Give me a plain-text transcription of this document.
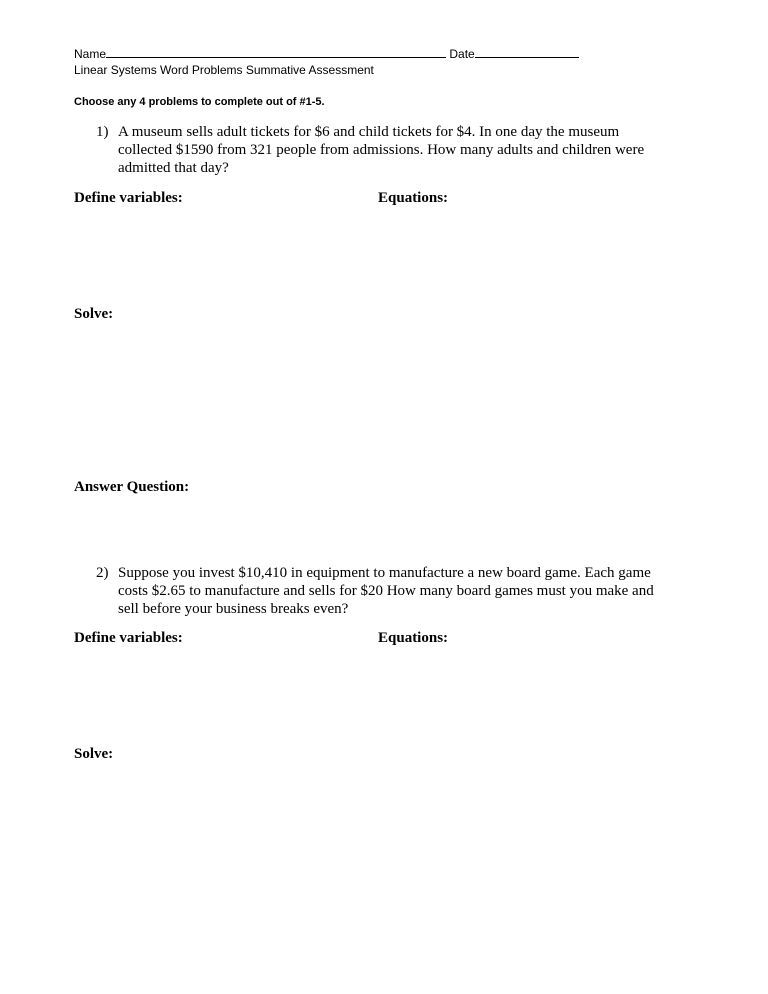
Name	Date
Linear Systems Word Problems Summative Assessment
Choose any 4 problems to complete out of #1-5.
1) A museum sells adult tickets for $6 and child tickets for $4. In one day the museum collected $1590 from 321 people from admissions. How many adults and children were admitted that day?
Define variables:	Equations:
Solve:
Answer Question:
2) Suppose you invest $10,410 in equipment to manufacture a new board game. Each game costs $2.65 to manufacture and sells for $20 How many board games must you make and sell before your business breaks even?
Define variables:	Equations:
Solve:
